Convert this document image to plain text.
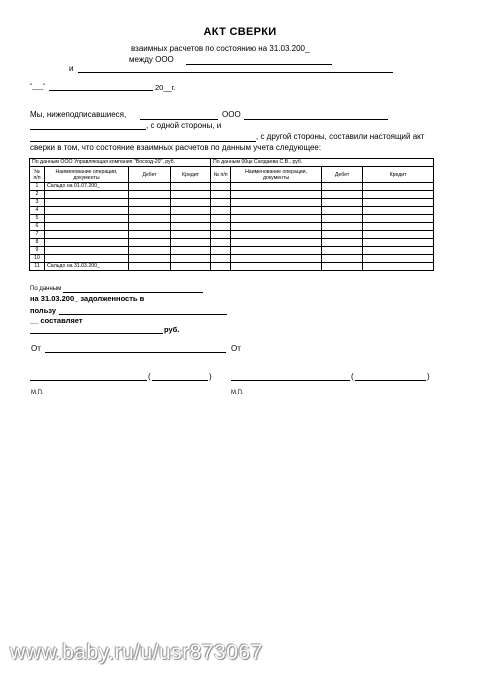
АКТ СВЕРКИ
взаимных расчетов по состоянию на 31.03.200_
между ООО
и
"___"	20__г.
Мы, нижеподписавшиеся,	ООО
, с одной стороны, и
, с другой стороны, составили настоящий акт
сверки в том, что состояние взаимных расчетов по данным учета следующее:
По данным ООО Управляющая компания "Восход-20", руб.				По данным 00цк Салдаева С.В., руб.			
№ п/п	Наименование операции, документы	Дебет	Кредит	№ п/п	Наименование операции, документы	Дебет	Кредит
1	Сальдо на 01.07.200_						
2							
3							
4							
5							
6							
7							
8							
9							
10							
11	Сальдо на 31.03.200_						
По данным
на 31.03.200_ задолженность в
пользу
__ составляет
руб.
От	От
(	)	(	)
М.П.	М.П.
www.baby.ru/u/usr873067
